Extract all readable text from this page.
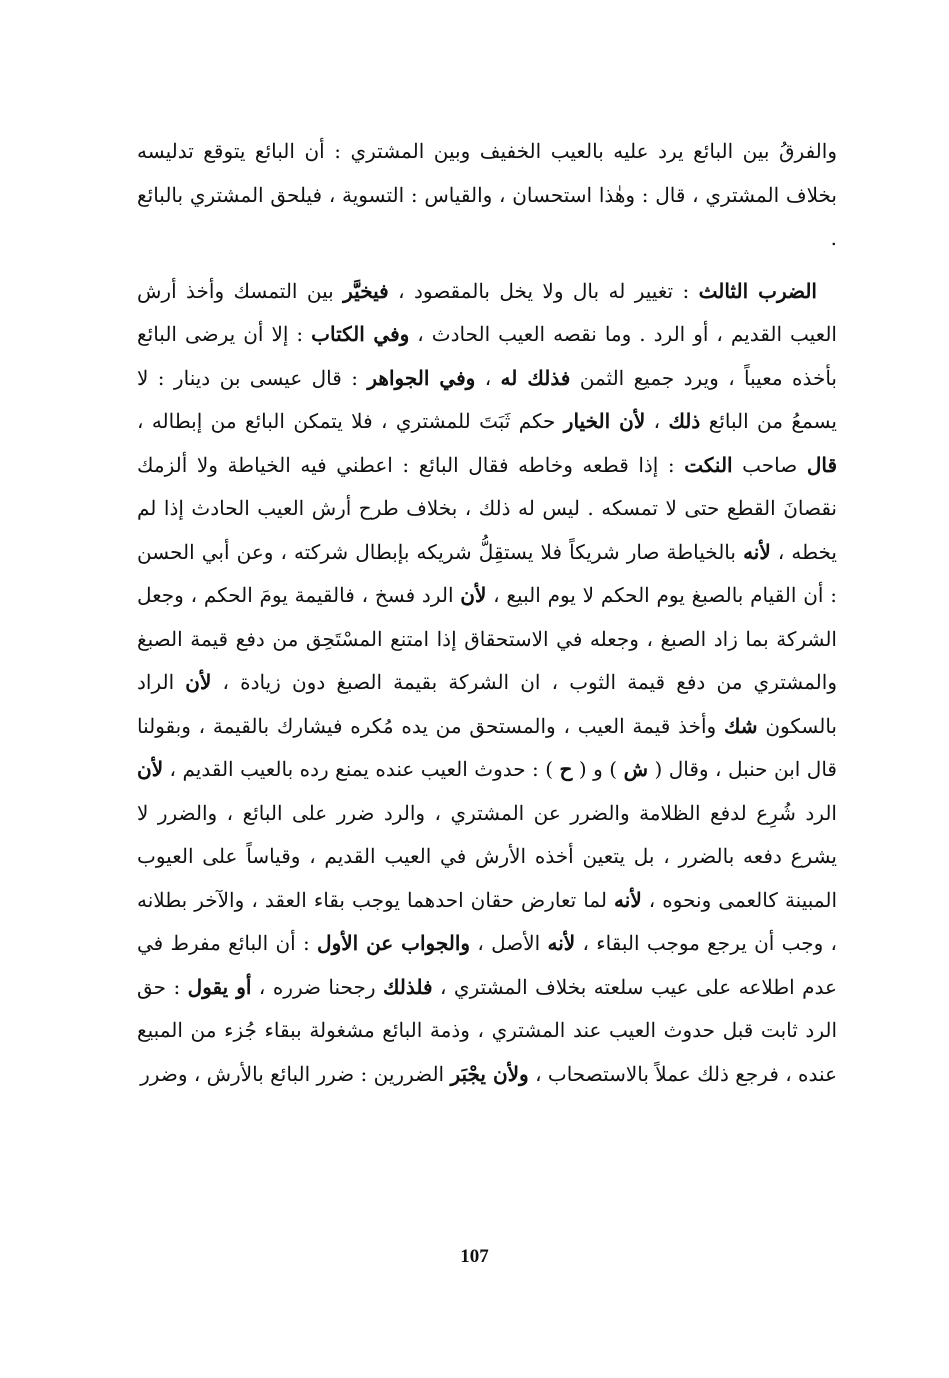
والفرقُ بين البائع يرد عليه بالعيب الخفيف وبين المشتري : أن البائع يتوقع تدليسه بخلاف المشتري ، قال : وهٰذا استحسان ، والقياس : التسوية ، فيلحق المشتري بالبائع .

الضرب الثالث : تغيير له بال ولا يخل بالمقصود ، فيخيَّر بين التمسك وأخذ أرش العيب القديم ، أو الرد . وما نقصه العيب الحادث ، وفي الكتاب : إلا أن يرضى البائع بأخذه معيباً ، ويرد جميع الثمن فذلك له ، وفي الجواهر : قال عيسى بن دينار : لا يسمعُ من البائع ذلك ، لأن الخيار حكم ثَبَتَ للمشتري ، فلا يتمكن البائع من إبطاله ، قال صاحب النكت : إذا قطعه وخاطه فقال البائع : اعطني فيه الخياطة ولا ألزمك نقصانَ القطع حتى لا تمسكه . ليس له ذلك ، بخلاف طرح أرش العيب الحادث إذا لم يخطه ، لأنه بالخياطة صار شريكاً فلا يستقِلُّ شريكه بإبطال شركته ، وعن أبي الحسن : أن القيام بالصبغ يوم الحكم لا يوم البيع ، لأن الرد فسخ ، فالقيمة يومَ الحكم ، وجعل الشركة بما زاد الصبغ ، وجعله في الاستحقاق إذا امتنع المسْتَحِق من دفع قيمة الصبغ والمشتري من دفع قيمة الثوب ، ان الشركة بقيمة الصبغ دون زيادة ، لأن الراد بالسكون شك وأخذ قيمة العيب ، والمستحق من يده مُكره فيشارك بالقيمة ، وبقولنا قال ابن حنبل ، وقال ( ش ) و ( ح ) : حدوث العيب عنده يمنع رده بالعيب القديم ، لأن الرد شُرِع لدفع الظلامة والضرر عن المشتري ، والرد ضرر على البائع ، والضرر لا يشرع دفعه بالضرر ، بل يتعين أخذه الأرش في العيب القديم ، وقياساً على العيوب المبينة كالعمى ونحوه ، لأنه لما تعارض حقان احدهما يوجب بقاء العقد ، والآخر بطلانه ، وجب أن يرجع موجب البقاء ، لأنه الأصل ، والجواب عن الأول : أن البائع مفرط في عدم اطلاعه على عيب سلعته بخلاف المشتري ، فلذلك رجحنا ضرره ، أو يقول : حق الرد ثابت قبل حدوث العيب عند المشتري ، وذمة البائع مشغولة ببقاء جُزء من المبيع عنده ، فرجع ذلك عملاً بالاستصحاب ، ولأن يجْبَر الضررين : ضرر البائع بالأرش ، وضرر

107
